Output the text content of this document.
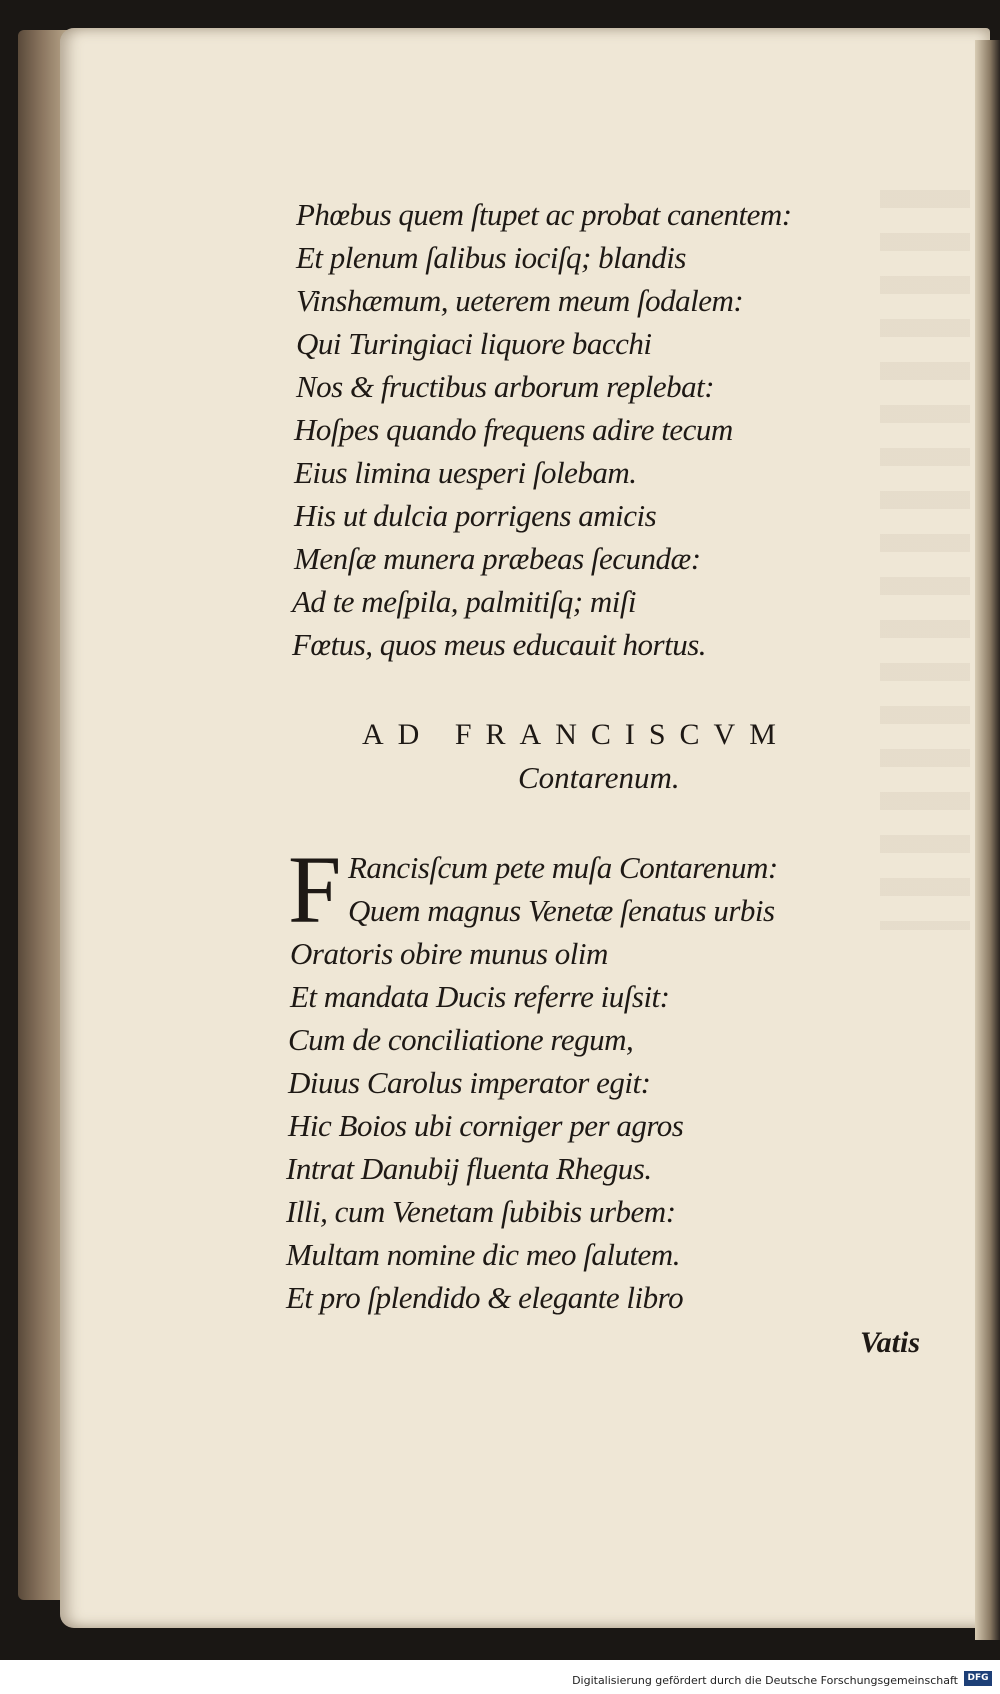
Phœbus quem ſtupet ac probat canentem:
Et plenum ſalibus iociſq; blandis
Vinshæmum, ueterem meum ſodalem:
Qui Turingiaci liquore bacchi
Nos & fructibus arborum replebat:
Hoſpes quando frequens adire tecum
Eius limina uesperi ſolebam.
His ut dulcia porrigens amicis
Menſæ munera præbeas ſecundæ:
Ad te meſpila, palmitiſq; miſi
Fœtus, quos meus educauit hortus.
AD FRANCISCVM
Contarenum.
F Rancisſcum pete muſa Contarenum:
Quem magnus Venetæ ſenatus urbis
Oratoris obire munus olim
Et mandata Ducis referre iuſsit:
Cum de conciliatione regum,
Diuus Carolus imperator egit:
Hic Boios ubi corniger per agros
Intrat Danubij fluenta Rhegus.
Illi, cum Venetam ſubibis urbem:
Multam nomine dic meo ſalutem.
Et pro ſplendido & elegante libro
Vatis
Digitalisierung gefördert durch die Deutsche Forschungsgemeinschaft	DFG
